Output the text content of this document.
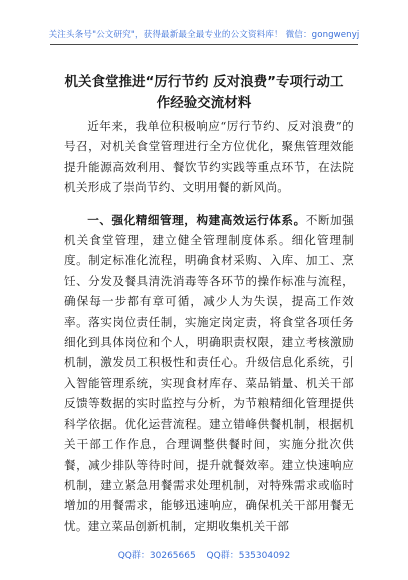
关注头条号"公文研究"，获得最新最全最专业的公文资料库！ 微信：gongwenyj
机关食堂推进“厉行节约 反对浪费”专项行动工作经验交流材料

近年来，我单位积极响应“厉行节约、反对浪费”的号召，对机关食堂管理进行全方位优化，聚焦管理效能提升能源高效利用、餐饮节约实践等重点环节，在法院机关形成了崇尚节约、文明用餐的新风尚。

一、强化精细管理，构建高效运行体系。不断加强机关食堂管理，建立健全管理制度体系。细化管理制度。制定标准化流程，明确食材采购、入库、加工、烹饪、分发及餐具清洗消毒等各环节的操作标准与流程，确保每一步都有章可循，减少人为失误，提高工作效率。落实岗位责任制，实施定岗定责，将食堂各项任务细化到具体岗位和个人，明确职责权限，建立考核激励机制，激发员工积极性和责任心。升级信息化系统，引入智能管理系统，实现食材库存、菜品销量、机关干部反馈等数据的实时监控与分析，为节粮精细化管理提供科学依据。优化运营流程。建立错峰供餐机制，根据机关干部工作作息，合理调整供餐时间，实施分批次供餐，减少排队等待时间，提升就餐效率。建立快速响应机制，建立紧急用餐需求处理机制，对特殊需求或临时增加的用餐需求，能够迅速响应，确保机关干部用餐无忧。建立菜品创新机制，定期收集机关干部

QQ群：30265665 QQ群：535304092
